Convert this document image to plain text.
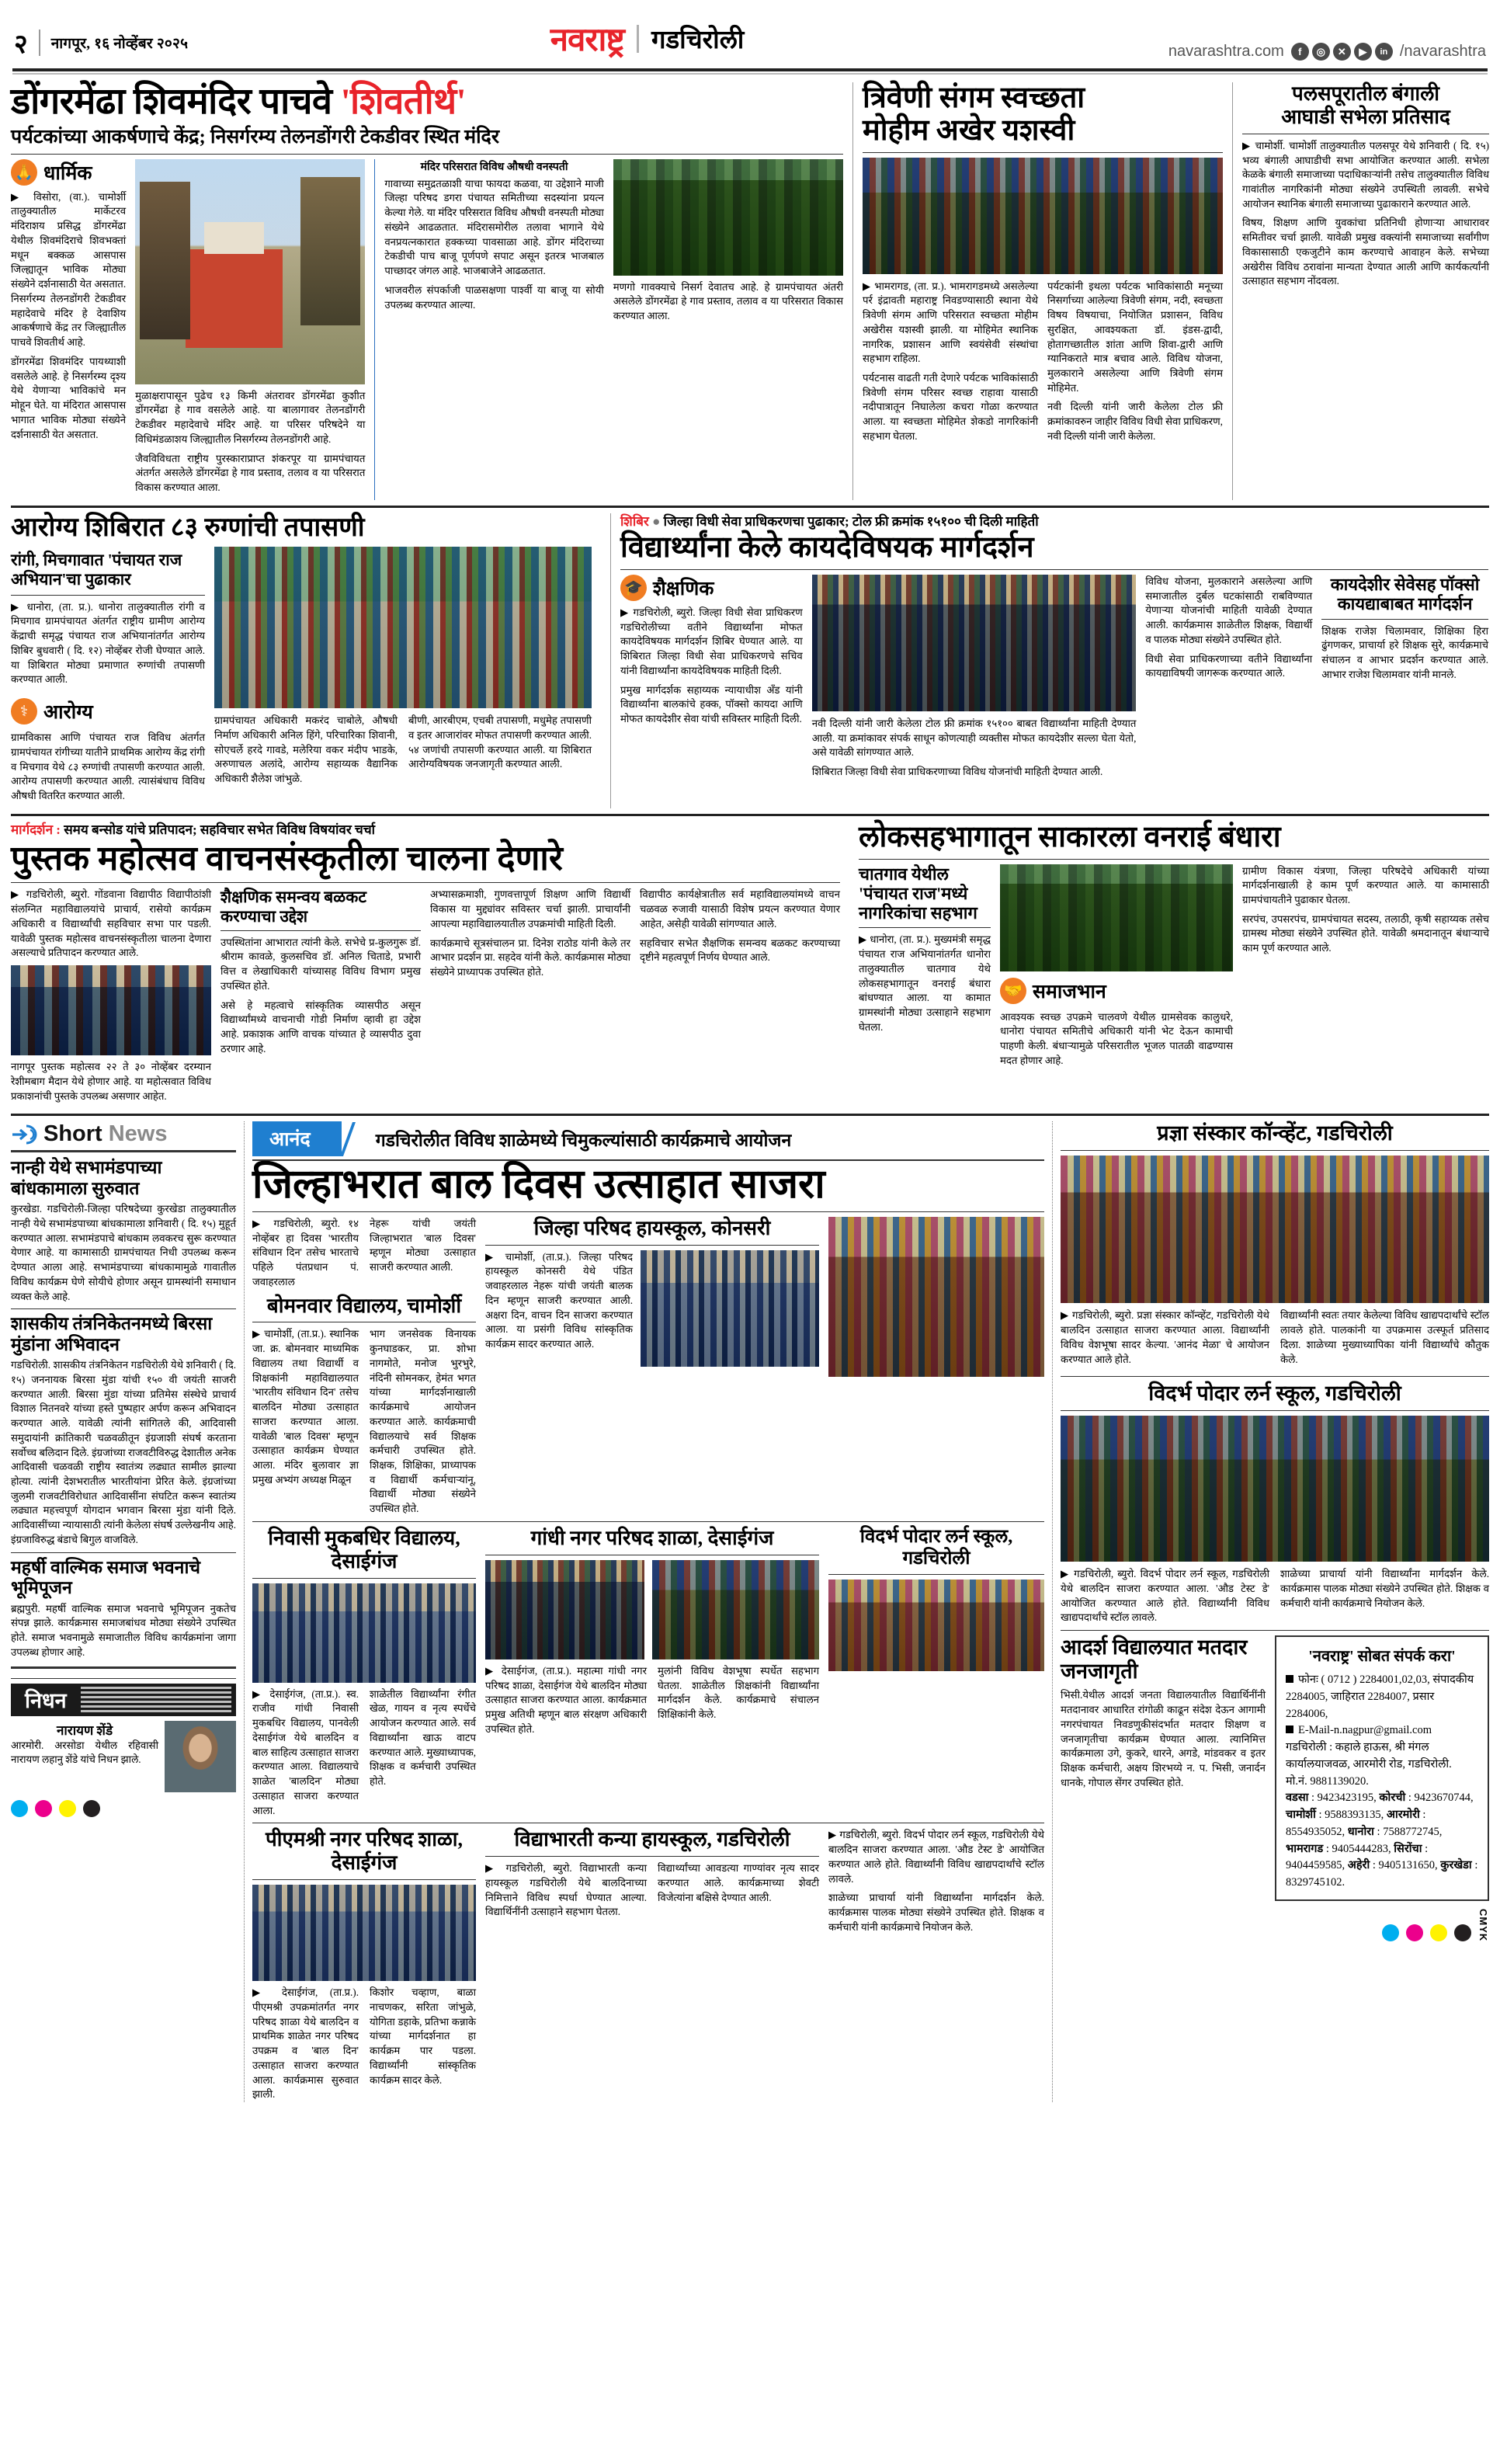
२ नागपूर, १६ नोव्हेंबर २०२५	नवराष्ट्र गडचिरोली	navarashtra.com	f	◎	✕	▶	in /navarashtra
डोंगरमेंढा शिवमंदिर पाचवे 'शिवतीर्थ'
पर्यटकांच्या आकर्षणाचे केंद्र; निसर्गरम्य तेलनडोंगरी टेकडीवर स्थित मंदिर
🙏 धार्मिक

▶ विसोरा, (वा.). चामोर्शी तालुक्यातील मार्केटरव मंदिराशय प्रसिद्ध डोंगरमेंढा येथील शिवमंदिराचे शिवभक्तां मधून बक्कळ आसपास जिल्ह्यातून भाविक मोठ्या संख्येने दर्शनासाठी येत असतात. निसर्गरम्य तेलनडोंगरी टेकडीवर महादेवाचे मंदिर हे देवाशिय आकर्षणाचे केंद्र तर जिल्ह्यातील पाचवे शिवतीर्थ आहे.

डोंगरमेंढा शिवमंदिर पायथ्याशी वसलेले आहे. हे निसर्गरम्य दृश्य येथे येणाऱ्या भाविकांचे मन मोहून घेते. या मंदिरात आसपास भागात भाविक मोठ्या संख्येने दर्शनासाठी येत असतात.

मुळाक्षरापासून पुढेच १३ किमी अंतरावर डोंगरमेंढा कुशीत डोंगरमेंढा हे गाव वसलेले आहे. या बालागावर तेलनडोंगरी टेकडीवर महादेवाचे मंदिर आहे. या परिसर परिषदेने या विधिमंडळाशय जिल्ह्यातील निसर्गरम्य तेलनडोंगरी आहे.

जैवविविधता राष्ट्रीय पुरस्काराप्राप्त शंकरपूर या ग्रामपंचायत अंतर्गत असलेले डोंगरमेंढा हे गाव प्रस्ताव, तलाव व या परिसरात विकास करण्यात आला.

मंदिर परिसरात विविध औषधी वनस्पती

गावाच्या समुद्रतळाशी याचा फायदा कळवा, या उद्देशाने माजी जिल्हा परिषद डगरा पंचायत समितीच्या सदस्यांना प्रयत्न केल्या गेले. या मंदिर परिसरात विविध औषधी वनस्पती मोठ्या संख्येने आढळतात. मंदिरासमोरील तलावा भागाने येथे वनप्रयत्नकारात हक्कच्या पावसाळा आहे. डोंगर मंदिराच्या टेकडीची पाच बाजू पूर्णपणे सपाट असून इतरत्र भाजबाल पाच्छादर जंगल आहे. भाजबाजेने आढळतात.

भाजवरील संपर्काजी पाळसक्षणा पार्श्वी या बाजू या सोयी उपलब्ध करण्यात आल्या.

मणगो गावक्याचे निसर्ग देवातच आहे. हे ग्रामपंचायत अंतरी असलेले डोंगरमेंढा हे गाव प्रस्ताव, तलाव व या परिसरात विकास करण्यात आला.

त्रिवेणी संगम स्वच्छता
मोहीम अखेर यशस्वी

▶ भामरागड, (ता. प्र.). भामरागडमध्ये असलेल्या पर्र इंद्रावती महाराष्ट्र निवडण्यासाठी स्थाना येथे त्रिवेणी संगम आणि परिसरात स्वच्छता मोहीम अखेरीस यशस्वी झाली. या मोहिमेत स्थानिक नागरिक, प्रशासन आणि स्वयंसेवी संस्थांचा सहभाग राहिला.

पर्यटनास वाढती गती देणारे पर्यटक भाविकांसाठी त्रिवेणी संगम परिसर स्वच्छ राहावा यासाठी नदीपात्रातून निघालेला कचरा गोळा करण्यात आला. या स्वच्छता मोहिमेत शेकडो नागरिकांनी सहभाग घेतला.

पर्यटकांनी इथला पर्यटक भाविकांसाठी मनूच्या निसर्गाच्या आलेल्या त्रिवेणी संगम, नदी, स्वच्छता विषय विषयाचा, नियोजित प्रशासन, विविध सुरक्षित, आवश्यकता डॉ. इंडस-द्वादी, होतागच्छातील शांता आणि शिवा-द्वारी आणि ग्यानिकराते मात्र बचाव आले. विविध योजना, मुलकाराने असलेल्या आणि त्रिवेणी संगम मोहिमेत.

नवी दिल्ली यांनी जारी केलेला टोल फ्री क्रमांकावरुन जाहीर विविध विधी सेवा प्राधिकरण, नवी दिल्ली यांनी जारी केलेला.

पलसपूरातील बंगाली
आघाडी सभेला प्रतिसाद

▶ चामोर्शी. चामोर्शी तालुक्यातील पलसपूर येथे शनिवारी ( दि. १५) भव्य बंगाली आघाडीची सभा आयोजित करण्यात आली. सभेला केळके बंगाली समाजाच्या पदाधिकाऱ्यांनी तसेच तालुक्यातील विविध गावांतील नागरिकांनी मोठ्या संख्येने उपस्थिती लावली. सभेचे आयोजन स्थानिक बंगाली समाजाच्या पुढाकाराने करण्यात आले.

विषय, शिक्षण आणि युवकांचा प्रतिनिधी होणाऱ्या आधारावर समितीवर चर्चा झाली. यावेळी प्रमुख वक्त्यांनी समाजाच्या सर्वांगीण विकासासाठी एकजुटीने काम करण्याचे आवाहन केले. सभेच्या अखेरीस विविध ठरावांना मान्यता देण्यात आली आणि कार्यकर्त्यांनी उत्साहात सहभाग नोंदवला.

आरोग्य शिबिरात ८३ रुग्णांची तपासणी
रांगी, मिचगावात 'पंचायत राज अभियान'चा पुढाकार

▶ धानोरा, (ता. प्र.). धानोरा तालुक्यातील रांगी व मिचगाव ग्रामपंचायत अंतर्गत राष्ट्रीय ग्रामीण आरोग्य केंद्राची समृद्ध पंचायत राज अभियानांतर्गत आरोग्य शिबिर बुधवारी ( दि. १२) नोव्हेंबर रोजी घेण्यात आले. या शिबिरात मोठ्या प्रमाणात रुग्णांची तपासणी करण्यात आली.

⚕ आरोग्य

ग्रामविकास आणि पंचायत राज विविध अंतर्गत ग्रामपंचायत रांगीच्या यातीने प्राथमिक आरोग्य केंद्र रांगी व मिचगाव येथे ८३ रुग्णांची तपासणी करण्यात आली. आरोग्य तपासणी करण्यात आली. त्यासंबंधाच विविध औषधी वितरित करण्यात आली.

ग्रामपंचायत अधिकारी मकरंद चाबोले, औषधी निर्माण अधिकारी अनिल हिंगे, परिचारिका शिवानी, सोएचर्ले हरदे गावडे, मलेरिया वकर मंदीप भाडके, अरुणाचल अलांदे, आरोग्य सहाय्यक वैद्यानिक अधिकारी शैलेश जांभुळे.

बीणी, आरबीएम, एचबी तपासणी, मधुमेह तपासणी व इतर आजारांवर मोफत तपासणी करण्यात आली. ५४ जणांची तपासणी करण्यात आली. या शिबिरात आरोग्यविषयक जनजागृती करण्यात आली.

शिबिर ● जिल्हा विधी सेवा प्राधिकरणचा पुढाकार; टोल फ्री क्रमांक १५१०० ची दिली माहिती
विद्यार्थ्यांना केले कायदेविषयक मार्गदर्शन
🎓 शैक्षणिक

▶ गडचिरोली, ब्युरो. जिल्हा विधी सेवा प्राधिकरण गडचिरोलीच्या वतीने विद्यार्थ्यांना मोफत कायदेविषयक मार्गदर्शन शिबिर घेण्यात आले. या शिबिरात जिल्हा विधी सेवा प्राधिकरणचे सचिव यांनी विद्यार्थ्यांना कायदेविषयक माहिती दिली.

प्रमुख मार्गदर्शक सहाय्यक न्यायाधीश अँड यांनी विद्यार्थ्यांना बालकांचे हक्क, पॉक्सो कायदा आणि मोफत कायदेशीर सेवा यांची सविस्तर माहिती दिली. नवी दिल्ली यांनी जारी केलेला टोल फ्री क्रमांक १५१०० बाबत विद्यार्थ्यांना माहिती देण्यात आली. या क्रमांकावर संपर्क साधून कोणत्याही व्यक्तीस मोफत कायदेशीर सल्ला घेता येतो, असे यावेळी सांगण्यात आले.

शिबिरात जिल्हा विधी सेवा प्राधिकरणाच्या विविध योजनांची माहिती देण्यात आली.

विविध योजना, मुलकाराने असलेल्या आणि समाजातील दुर्बल घटकांसाठी राबविण्यात येणाऱ्या योजनांची माहिती यावेळी देण्यात आली. कार्यक्रमास शाळेतील शिक्षक, विद्यार्थी व पालक मोठ्या संख्येने उपस्थित होते.

विधी सेवा प्राधिकरणाच्या वतीने विद्यार्थ्यांना कायद्याविषयी जागरूक करण्यात आले.

कायदेशीर सेवेसह पॉक्सो
कायद्याबाबत मार्गदर्शन

शिक्षक राजेश चिलामवार, शिक्षिका हिरा ढुंगणकर, प्राचार्या हरे शिक्षक सुरे, कार्यक्रमाचे संचालन व आभार प्रदर्शन करण्यात आले. आभार राजेश चिलामवार यांनी मानले.

मार्गदर्शन : समय बन्सोड यांचे प्रतिपादन; सहविचार सभेत विविध विषयांवर चर्चा
पुस्तक महोत्सव वाचनसंस्कृतीला चालना देणारे

▶ गडचिरोली, ब्युरो. गोंडवाना विद्यापीठ विद्यापीठांशी संलग्नित महाविद्यालयांचे प्राचार्य, रासेयो कार्यक्रम अधिकारी व विद्यार्थ्यांची सहविचार सभा पार पडली. यावेळी पुस्तक महोत्सव वाचनसंस्कृतीला चालना देणारा असल्याचे प्रतिपादन करण्यात आले.

नागपूर पुस्तक महोत्सव २२ ते ३० नोव्हेंबर दरम्यान रेशीमबाग मैदान येथे होणार आहे. या महोत्सवात विविध प्रकाशनांची पुस्तके उपलब्ध असणार आहेत.

शैक्षणिक समन्वय बळकट करण्याचा उद्देश

उपस्थितांना आभारात त्यांनी केले. सभेचे प्र-कुलगुरू डॉ. श्रीराम कावळे, कुलसचिव डॉ. अनिल चिताडे, प्रभारी वित्त व लेखाधिकारी यांच्यासह विविध विभाग प्रमुख उपस्थित होते.

असे हे महत्वाचे सांस्कृतिक व्यासपीठ असून विद्यार्थ्यांमध्ये वाचनाची गोडी निर्माण व्हावी हा उद्देश आहे. प्रकाशक आणि वाचक यांच्यात हे व्यासपीठ दुवा ठरणार आहे.

अभ्यासक्रमाशी, गुणवत्तापूर्ण शिक्षण आणि विद्यार्थी विकास या मुद्द्यांवर सविस्तर चर्चा झाली. प्राचार्यांनी आपल्या महाविद्यालयातील उपक्रमांची माहिती दिली.

कार्यक्रमाचे सूत्रसंचालन प्रा. दिनेश राठोड यांनी केले तर आभार प्रदर्शन प्रा. सहदेव यांनी केले. कार्यक्रमास मोठ्या संख्येने प्राध्यापक उपस्थित होते.

विद्यापीठ कार्यक्षेत्रातील सर्व महाविद्यालयांमध्ये वाचन चळवळ रुजावी यासाठी विशेष प्रयत्न करण्यात येणार आहेत, असेही यावेळी सांगण्यात आले.

सहविचार सभेत शैक्षणिक समन्वय बळकट करण्याच्या दृष्टीने महत्वपूर्ण निर्णय घेण्यात आले.

लोकसहभागातून साकारला वनराई बंधारा
चातगाव येथील
'पंचायत राज'मध्ये
नागरिकांचा सहभाग

▶ धानोरा, (ता. प्र.). मुख्यमंत्री समृद्ध पंचायत राज अभियानांतर्गत धानोरा तालुक्यातील चातगाव येथे लोकसहभागातून वनराई बंधारा बांधण्यात आला. या कामात ग्रामस्थांनी मोठ्या उत्साहाने सहभाग घेतला.

🤝 समाजभान

आवश्यक स्वच्छ उपक्रमे चालवणे येथील ग्रामसेवक कालुधरे, धानोरा पंचायत समितीचे अधिकारी यांनी भेट देऊन कामाची पाहणी केली. बंधाऱ्यामुळे परिसरातील भूजल पातळी वाढण्यास मदत होणार आहे.

ग्रामीण विकास यंत्रणा, जिल्हा परिषदेचे अधिकारी यांच्या मार्गदर्शनाखाली हे काम पूर्ण करण्यात आले. या कामासाठी ग्रामपंचायतीने पुढाकार घेतला.

सरपंच, उपसरपंच, ग्रामपंचायत सदस्य, तलाठी, कृषी सहाय्यक तसेच ग्रामस्थ मोठ्या संख्येने उपस्थित होते. यावेळी श्रमदानातून बंधाऱ्याचे काम पूर्ण करण्यात आले.

Short News
नान्ही येथे सभामंडपाच्या बांधकामाला सुरुवात

कुरखेडा. गडचिरोली-जिल्हा परिषदेच्या कुरखेडा तालुक्यातील नान्ही येथे सभामंडपाच्या बांधकामाला शनिवारी ( दि. १५) मुहूर्त करण्यात आला. सभामंडपाचे बांधकाम लवकरच सुरू करण्यात येणार आहे. या कामासाठी ग्रामपंचायत निधी उपलब्ध करून देण्यात आला आहे. सभामंडपाच्या बांधकामामुळे गावातील विविध कार्यक्रम घेणे सोयीचे होणार असून ग्रामस्थांनी समाधान व्यक्त केले आहे.

शासकीय तंत्रनिकेतनमध्ये बिरसा मुंडांना अभिवादन

गडचिरोली. शासकीय तंत्रनिकेतन गडचिरोली येथे शनिवारी ( दि. १५) जननायक बिरसा मुंडा यांची १५० वी जयंती साजरी करण्यात आली. बिरसा मुंडा यांच्या प्रतिमेस संस्थेचे प्राचार्य विशाल नितनवरे यांच्या हस्ते पुष्पहार अर्पण करून अभिवादन करण्यात आले. यावेळी त्यांनी सांगितले की, आदिवासी समुदायांनी क्रांतिकारी चळवळीतून इंग्रजाशी संघर्ष करताना सर्वोच्च बलिदान दिले. इंग्रजांच्या राजवटीविरुद्ध देशातील अनेक आदिवासी चळवळी राष्ट्रीय स्वातंत्र्य लढ्यात सामील झाल्या होत्या. त्यांनी देशभरातील भारतीयांना प्रेरित केले. इंग्रजांच्या जुलमी राजवटीविरोधात आदिवासींना संघटित करून स्वातंत्र्य लढ्यात महत्त्वपूर्ण योगदान भगवान बिरसा मुंडा यांनी दिले. आदिवासींच्या न्यायासाठी त्यांनी केलेला संघर्ष उल्लेखनीय आहे. इंग्रजाविरुद्ध बंडाचे बिगुल वाजविले.

महर्षी वाल्मिक समाज भवनाचे भूमिपूजन

ब्रह्मपुरी. महर्षी वाल्मिक समाज भवनाचे भूमिपूजन नुकतेच संपन्न झाले. कार्यक्रमास समाजबांधव मोठ्या संख्येने उपस्थित होते. समाज भवनामुळे समाजातील विविध कार्यक्रमांना जागा उपलब्ध होणार आहे.

निधन
नारायण शेंडे

आरमोरी. अरसोडा येथील रहिवासी नारायण लहानु शेंडे यांचे निधन झाले.

आनंद	गडचिरोलीत विविध शाळेमध्ये चिमुकल्यांसाठी कार्यक्रमाचे आयोजन
जिल्हाभरात बाल दिवस उत्साहात साजरा

▶ गडचिरोली, ब्युरो. १४ नोव्हेंबर हा दिवस 'भारतीय संविधान दिन' तसेच भारताचे पहिले पंतप्रधान पं. जवाहरलाल

नेहरू यांची जयंती जिल्हाभरात 'बाल दिवस' म्हणून मोठ्या उत्साहात साजरी करण्यात आली.

बोमनवार विद्यालय, चामोर्शी

▶ चामोर्शी, (ता.प्र.). स्थानिक जा. क्र. बोमनवार माध्यमिक विद्यालय तथा विद्यार्थी व शिक्षकांनी महाविद्यालयात 'भारतीय संविधान दिन' तसेच बालदिन मोठ्या उत्साहात साजरा करण्यात आला. यावेळी 'बाल दिवस' म्हणून उत्साहात कार्यक्रम घेण्यात आला. मंदिर बुलावार ज्ञा प्रमुख अभ्यंग अध्यक्ष मिळून

भाग जनसेवक विनायक कुनघाडकर, प्रा. शोभा नागमोते, मनोज भुरभुरे, नंदिनी सोमनकर, हेमंत भगत यांच्या मार्गदर्शनाखाली कार्यक्रमाचे आयोजन करण्यात आले. कार्यक्रमाची विद्यालयाचे सर्व शिक्षक कर्मचारी उपस्थित होते. शिक्षक, शिक्षिका, प्राध्यापक व विद्यार्थी कर्मचाऱ्यांनू, विद्यार्थी मोठ्या संख्येने उपस्थित होते.

जिल्हा परिषद हायस्कूल, कोनसरी

▶ चामोर्शी, (ता.प्र.). जिल्हा परिषद हायस्कूल कोनसरी येथे पंडित जवाहरलाल नेहरू यांची जयंती बालक दिन म्हणून साजरी करण्यात आली. अक्षरा दिन, वाचन दिन साजरा करण्यात आला. या प्रसंगी विविध सांस्कृतिक कार्यक्रम सादर करण्यात आले.

निवासी मुकबधिर विद्यालय, देसाईगंज

▶ देसाईगंज, (ता.प्र.). स्व. राजीव गांधी निवासी मुकबधिर विद्यालय, पानवेली देसाईगंज येथे बालदिन व बाल साहित्य उत्साहात साजरा करण्यात आला. विद्यालयाचे शाळेत 'बालदिन' मोठ्या उत्साहात साजरा करण्यात आला.

शाळेतील विद्यार्थ्यांना रंगीत खेळ, गायन व नृत्य स्पर्धेचे आयोजन करण्यात आले. सर्व विद्यार्थ्यांना खाऊ वाटप करण्यात आले. मुख्याध्यापक, शिक्षक व कर्मचारी उपस्थित होते.

गांधी नगर परिषद शाळा, देसाईगंज

▶ देसाईगंज, (ता.प्र.). महात्मा गांधी नगर परिषद शाळा, देसाईगंज येथे बालदिन मोठ्या उत्साहात साजरा करण्यात आला. कार्यक्रमात प्रमुख अतिथी म्हणून बाल संरक्षण अधिकारी उपस्थित होते.

मुलांनी विविध वेशभूषा स्पर्धेत सहभाग घेतला. शाळेतील शिक्षकांनी विद्यार्थ्यांना मार्गदर्शन केले. कार्यक्रमाचे संचालन शिक्षिकांनी केले.

विदर्भ पोदार लर्न स्कूल, गडचिरोली
पीएमश्री नगर परिषद शाळा, देसाईगंज

▶ देसाईगंज, (ता.प्र.). पीएमश्री उपक्रमांतर्गत नगर परिषद शाळा येथे बालदिन व प्राथमिक शाळेत नगर परिषद उपक्रम व 'बाल दिन' उत्साहात साजरा करण्यात आला. कार्यक्रमास सुरुवात झाली.

किशोर चव्हाण, बाळा नाचणकर, सरिता जांभुळे, योगिता डहाके, प्रतिभा कन्नाके यांच्या मार्गदर्शनात हा कार्यक्रम पार पडला. विद्यार्थ्यांनी सांस्कृतिक कार्यक्रम सादर केले.

विद्याभारती कन्या हायस्कूल, गडचिरोली

▶ गडचिरोली, ब्युरो. विद्याभारती कन्या हायस्कूल गडचिरोली येथे बालदिनाच्या निमित्ताने विविध स्पर्धा घेण्यात आल्या. विद्यार्थिनींनी उत्साहाने सहभाग घेतला.

विद्यार्थ्यांच्या आवडत्या गाण्यांवर नृत्य सादर करण्यात आले. कार्यक्रमाच्या शेवटी विजेत्यांना बक्षिसे देण्यात आली.

▶ गडचिरोली, ब्युरो. विदर्भ पोदार लर्न स्कूल, गडचिरोली येथे बालदिन साजरा करण्यात आला. 'औड टेस्ट डे' आयोजित करण्यात आले होते. विद्यार्थ्यांनी विविध खाद्यपदार्थांचे स्टॉल लावले.

शाळेच्या प्राचार्या यांनी विद्यार्थ्यांना मार्गदर्शन केले. कार्यक्रमास पालक मोठ्या संख्येने उपस्थित होते. शिक्षक व कर्मचारी यांनी कार्यक्रमाचे नियोजन केले.

प्रज्ञा संस्कार कॉन्व्हेंट, गडचिरोली

▶ गडचिरोली, ब्युरो. प्रज्ञा संस्कार कॉन्व्हेंट, गडचिरोली येथे बालदिन उत्साहात साजरा करण्यात आला. विद्यार्थ्यांनी विविध वेशभूषा सादर केल्या. 'आनंद मेळा' चे आयोजन करण्यात आले होते.

विद्यार्थ्यांनी स्वतः तयार केलेल्या विविध खाद्यपदार्थांचे स्टॉल लावले होते. पालकांनी या उपक्रमास उत्स्फूर्त प्रतिसाद दिला. शाळेच्या मुख्याध्यापिका यांनी विद्यार्थ्यांचे कौतुक केले.

विदर्भ पोदार लर्न स्कूल, गडचिरोली

▶ गडचिरोली, ब्युरो. विदर्भ पोदार लर्न स्कूल, गडचिरोली येथे बालदिन साजरा करण्यात आला. 'औड टेस्ट डे' आयोजित करण्यात आले होते. विद्यार्थ्यांनी विविध खाद्यपदार्थांचे स्टॉल लावले.

शाळेच्या प्राचार्या यांनी विद्यार्थ्यांना मार्गदर्शन केले. कार्यक्रमास पालक मोठ्या संख्येने उपस्थित होते. शिक्षक व कर्मचारी यांनी कार्यक्रमाचे नियोजन केले.

आदर्श विद्यालयात मतदार जनजागृती

भिसी.येथील आदर्श जनता विद्यालयातील विद्यार्थिनींनी मतदानावर आधारित रांगोळी काढून संदेश देऊन आगामी नगरपंचायत निवडणुकीसंदर्भात मतदार शिक्षण व जनजागृतीचा कार्यक्रम घेण्यात आला. त्यानिमित्त कार्यक्रमाला उगे, कुकरे, धारने, अगडे, मांडवकर व इतर शिक्षक कर्मचारी, अक्षय शिरभय्ये न. प. भिसी, जनार्दन धानके, गोपाल सेंगर उपस्थित होते.

'नवराष्ट्र' सोबत संपर्क करा'
फोनः ( 0712 ) 2284001,02,03, संपादकीय 2284005, जाहिरात 2284007, प्रसार 2284006,
E-Mail-n.nagpur@gmail.com
गडचिरोली : कहाले हाऊस, श्री मंगल कार्यालयाजवळ, आरमोरी रोड, गडचिरोली.
मो.नं. 9881139020.
वडसा : 9423423195, कोरची : 9423670744, चामोर्शी : 9588393135, आरमोरी : 8554935052, धानोरा : 7588772745, भामरागड : 9405444283, सिरोंचा : 9404459585, अहेरी : 9405131650, कुरखेडा : 8329745102.
CMYK
